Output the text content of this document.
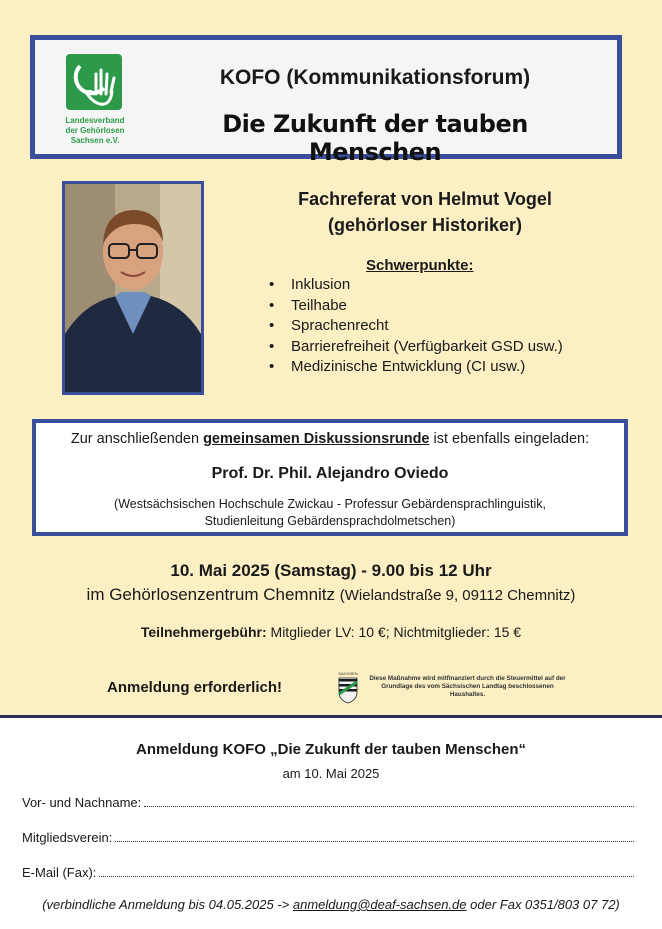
Landesverband
der Gehörlosen
Sachsen e.V.
KOFO (Kommunikationsforum)
Die Zukunft der tauben Menschen
Fachreferat von Helmut Vogel
(gehörloser Historiker)
Schwerpunkte:
• Inklusion
• Teilhabe
• Sprachenrecht
• Barrierefreiheit (Verfügbarkeit GSD usw.)
• Medizinische Entwicklung (CI usw.)
Zur anschließenden gemeinsamen Diskussionsrunde ist ebenfalls eingeladen:
Prof. Dr. Phil. Alejandro Oviedo
(Westsächsischen Hochschule Zwickau - Professur Gebärdensprachlinguistik,
Studienleitung Gebärdensprachdolmetschen)
10. Mai 2025 (Samstag) - 9.00 bis 12 Uhr
im Gehörlosenzentrum Chemnitz (Wielandstraße 9, 09112 Chemnitz)
Teilnehmergebühr: Mitglieder LV: 10 €; Nichtmitglieder: 15 €
Anmeldung erforderlich!
SACHSEN
Diese Maßnahme wird mitfinanziert durch die Steuermittel auf der Grundlage des vom Sächsischen Landtag beschlossenen Haushaltes.
Anmeldung KOFO „Die Zukunft der tauben Menschen“
am 10. Mai 2025
Vor- und Nachname:
Mitgliedsverein:
E-Mail (Fax):
(verbindliche Anmeldung bis 04.05.2025 -> anmeldung@deaf-sachsen.de oder Fax 0351/803 07 72)
